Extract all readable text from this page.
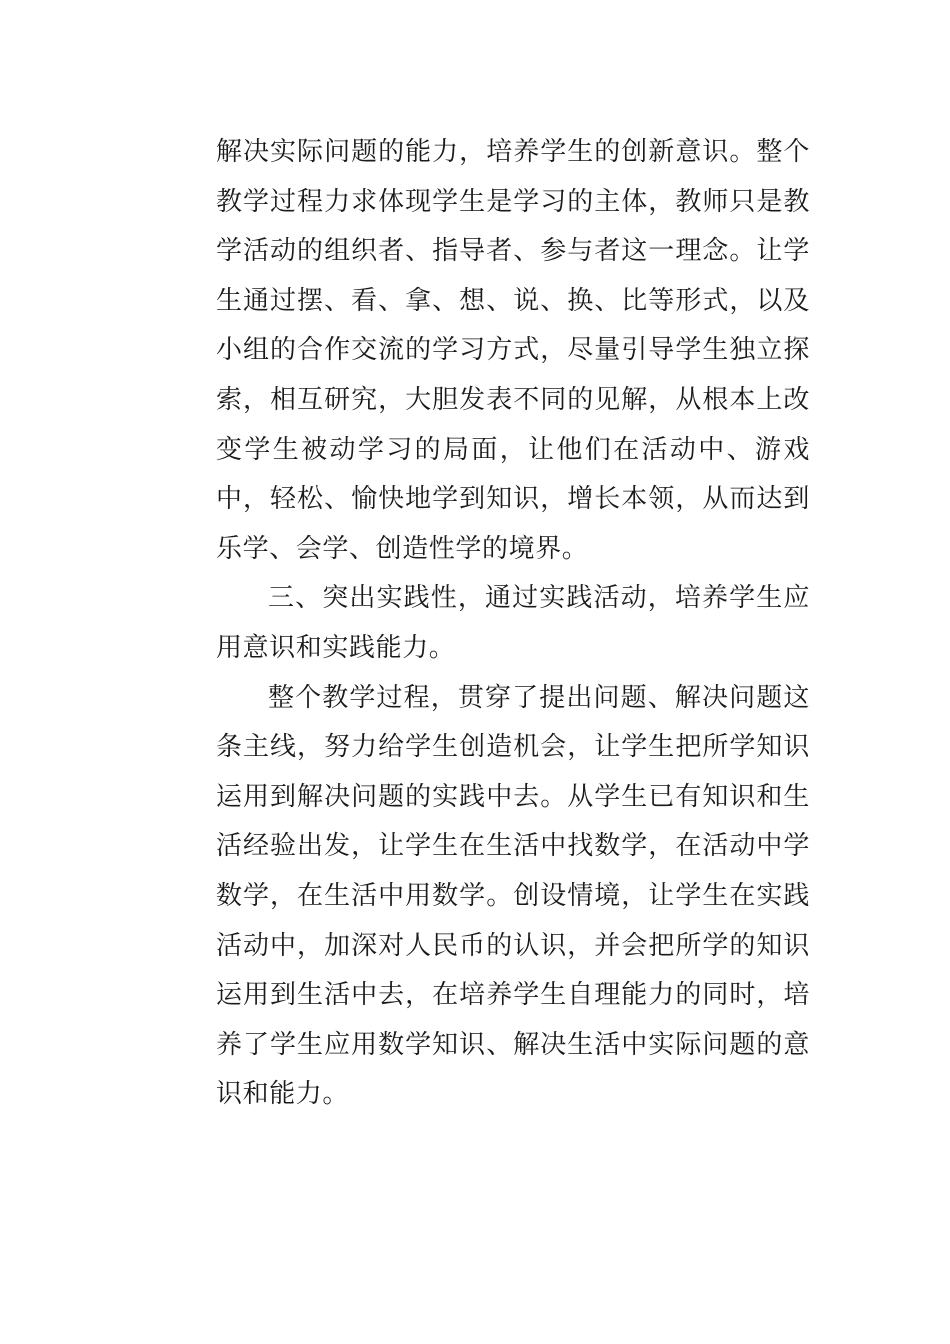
解决实际问题的能力，培养学生的创新意识。整个教学过程力求体现学生是学习的主体，教师只是教学活动的组织者、指导者、参与者这一理念。让学生通过摆、看、拿、想、说、换、比等形式，以及小组的合作交流的学习方式，尽量引导学生独立探索，相互研究，大胆发表不同的见解，从根本上改变学生被动学习的局面，让他们在活动中、游戏中，轻松、愉快地学到知识，增长本领，从而达到乐学、会学、创造性学的境界。

三、突出实践性，通过实践活动，培养学生应用意识和实践能力。

整个教学过程，贯穿了提出问题、解决问题这条主线，努力给学生创造机会，让学生把所学知识运用到解决问题的实践中去。从学生已有知识和生活经验出发，让学生在生活中找数学，在活动中学数学，在生活中用数学。创设情境，让学生在实践活动中，加深对人民币的认识，并会把所学的知识运用到生活中去，在培养学生自理能力的同时，培养了学生应用数学知识、解决生活中实际问题的意识和能力。
